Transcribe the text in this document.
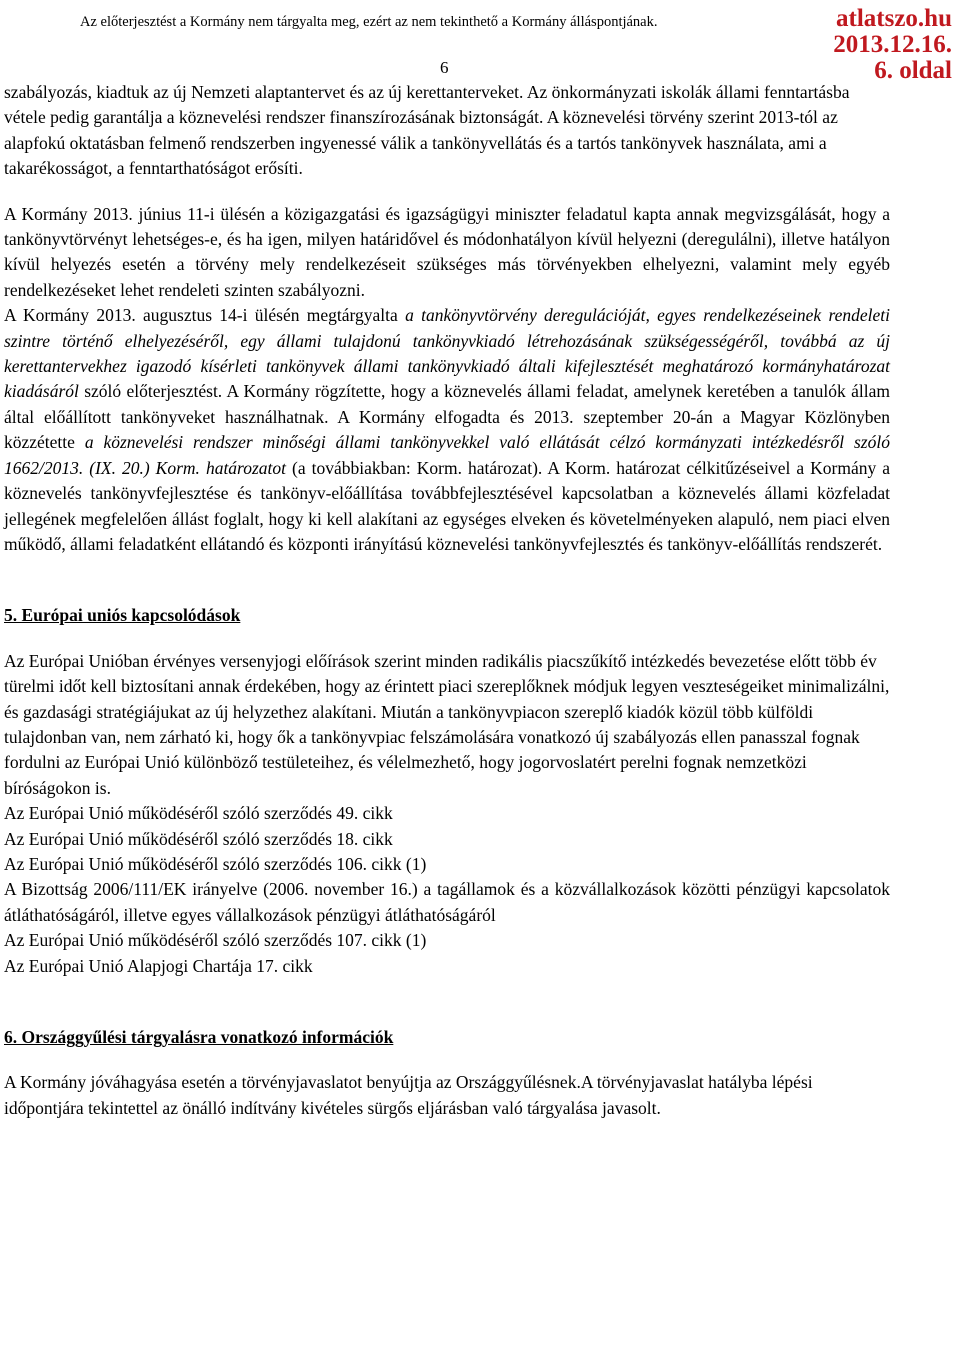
Az előterjesztést a Kormány nem tárgyalta meg, ezért az nem tekinthető a Kormány álláspontjának.	atlatszo.hu
2013.12.16.
6. oldal
6

szabályozás, kiadtuk az új Nemzeti alaptantervet és az új kerettanterveket. Az önkormányzati iskolák állami fenntartásba vétele pedig garantálja a köznevelési rendszer finanszírozásának biztonságát. A köznevelési törvény szerint 2013-tól az alapfokú oktatásban felmenő rendszerben ingyenessé válik a tankönyvellátás és a tartós tankönyvek használata, ami a takarékosságot, a fenntarthatóságot erősíti.

A Kormány 2013. június 11-i ülésén a közigazgatási és igazságügyi miniszter feladatul kapta annak megvizsgálását, hogy a tankönyvtörvényt lehetséges-e, és ha igen, milyen határidővel és módonhatályon kívül helyezni (deregulálni), illetve hatályon kívül helyezés esetén a törvény mely rendelkezéseit szükséges más törvényekben elhelyezni, valamint mely egyéb rendelkezéseket lehet rendeleti szinten szabályozni.

A Kormány 2013. augusztus 14-i ülésén megtárgyalta a tankönyvtörvény deregulációját, egyes rendelkezéseinek rendeleti szintre történő elhelyezéséről, egy állami tulajdonú tankönyvkiadó létrehozásának szükségességéről, továbbá az új kerettantervekhez igazodó kísérleti tankönyvek állami tankönyvkiadó általi kifejlesztését meghatározó kormányhatározat kiadásáról szóló előterjesztést. A Kormány rögzítette, hogy a köznevelés állami feladat, amelynek keretében a tanulók állam által előállított tankönyveket használhatnak. A Kormány elfogadta és 2013. szeptember 20-án a Magyar Közlönyben közzétette a köznevelési rendszer minőségi állami tankönyvekkel való ellátását célzó kormányzati intézkedésről szóló 1662/2013. (IX. 20.) Korm. határozatot (a továbbiakban: Korm. határozat). A Korm. határozat célkitűzéseivel a Kormány a köznevelés tankönyvfejlesztése és tankönyv-előállítása továbbfejlesztésével kapcsolatban a köznevelés állami közfeladat jellegének megfelelően állást foglalt, hogy ki kell alakítani az egységes elveken és követelményeken alapuló, nem piaci elven működő, állami feladatként ellátandó és központi irányítású köznevelési tankönyvfejlesztés és tankönyv-előállítás rendszerét.

5. Európai uniós kapcsolódások

Az Európai Unióban érvényes versenyjogi előírások szerint minden radikális piacszűkítő intézkedés bevezetése előtt több év türelmi időt kell biztosítani annak érdekében, hogy az érintett piaci szereplőknek módjuk legyen veszteségeiket minimalizálni, és gazdasági stratégiájukat az új helyzethez alakítani. Miután a tankönyvpiacon szereplő kiadók közül több külföldi tulajdonban van, nem zárható ki, hogy ők a tankönyvpiac felszámolására vonatkozó új szabályozás ellen panasszal fognak fordulni az Európai Unió különböző testületeihez, és vélelmezhető, hogy jogorvoslatért perelni fognak nemzetközi bíróságokon is.

Az Európai Unió működéséről szóló szerződés 49. cikk
Az Európai Unió működéséről szóló szerződés 18. cikk
Az Európai Unió működéséről szóló szerződés 106. cikk (1)
A Bizottság 2006/111/EK irányelve (2006. november 16.) a tagállamok és a közvállalkozások közötti pénzügyi kapcsolatok átláthatóságáról, illetve egyes vállalkozások pénzügyi átláthatóságáról
Az Európai Unió működéséről szóló szerződés 107. cikk (1)
Az Európai Unió Alapjogi Chartája 17. cikk

6. Országgyűlési tárgyalásra vonatkozó információk

A Kormány jóváhagyása esetén a törvényjavaslatot benyújtja az Országgyűlésnek.A törvényjavaslat hatályba lépési időpontjára tekintettel az önálló indítvány kivételes sürgős eljárásban való tárgyalása javasolt.
